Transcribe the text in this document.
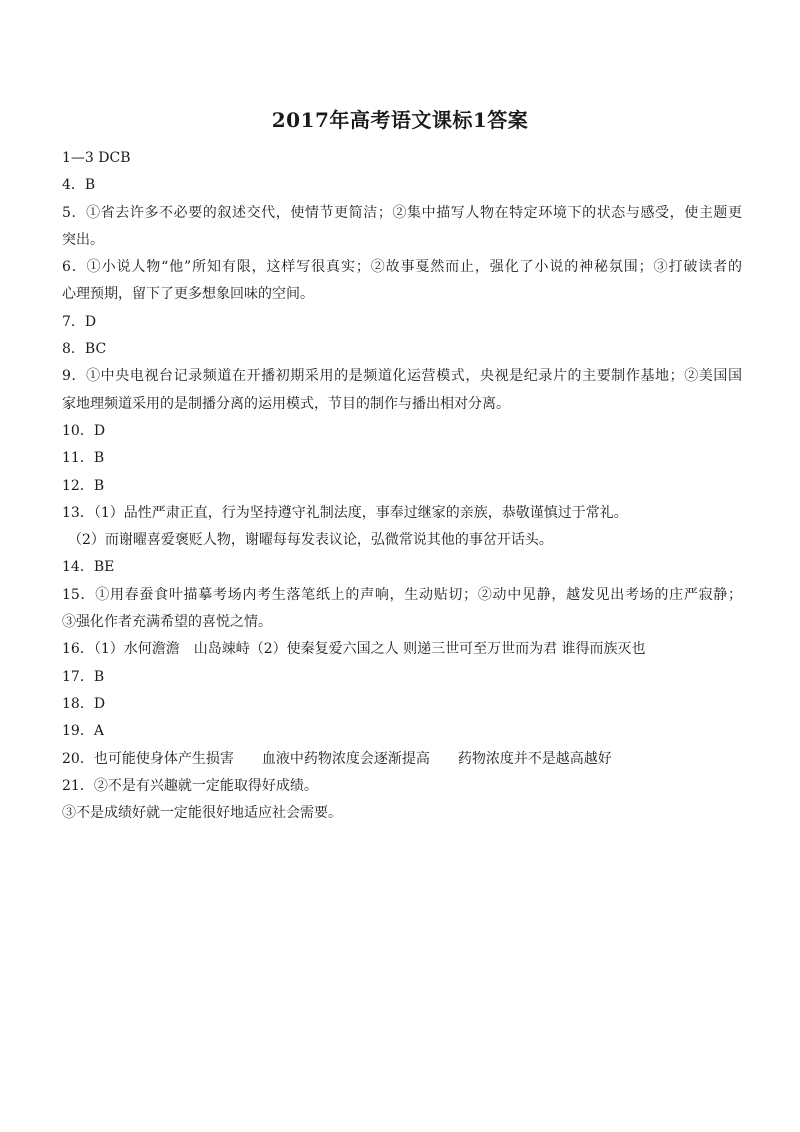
2017年高考语文课标1答案
1—3 DCB
4．B
5．①省去许多不必要的叙述交代，使情节更简洁；②集中描写人物在特定环境下的状态与感受，使主题更
突出。
6．①小说人物“他”所知有限，这样写很真实；②故事戛然而止，强化了小说的神秘氛围；③打破读者的
心理预期，留下了更多想象回味的空间。
7．D
8．BC
9．①中央电视台记录频道在开播初期采用的是频道化运营模式，央视是纪录片的主要制作基地；②美国国
家地理频道采用的是制播分离的运用模式，节目的制作与播出相对分离。
10．D
11．B
12．B
13．（1）品性严肃正直，行为坚持遵守礼制法度，事奉过继家的亲族，恭敬谨慎过于常礼。
（2）而谢曜喜爱褒贬人物，谢曜每每发表议论，弘微常说其他的事岔开话头。
14．BE
15．①用春蚕食叶描摹考场内考生落笔纸上的声响，生动贴切；②动中见静，越发见出考场的庄严寂静；
③强化作者充满希望的喜悦之情。
16．（1）水何澹澹　山岛竦峙（2）使秦复爱六国之人 则递三世可至万世而为君 谁得而族灭也
17．B
18．D
19．A
20．也可能使身体产生损害　　血液中药物浓度会逐渐提高　　药物浓度并不是越高越好
21．②不是有兴趣就一定能取得好成绩。
③不是成绩好就一定能很好地适应社会需要。
